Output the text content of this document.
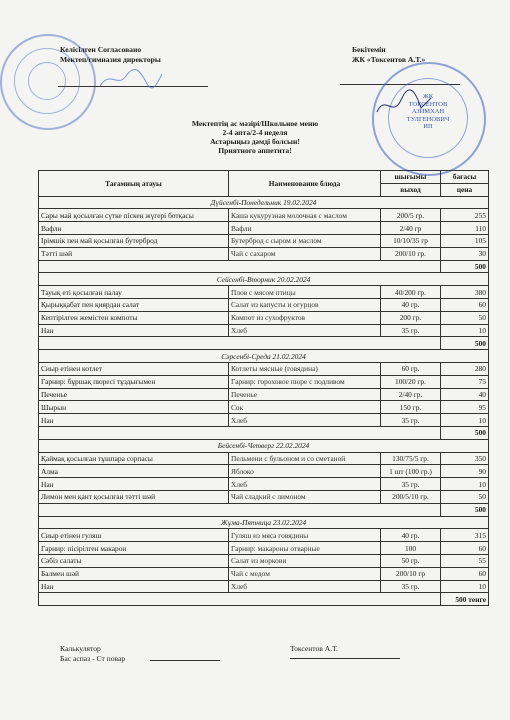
Келісілген Согласовано
Мектеп/гимназия директоры
Бекітемін
ЖК «Токсентов А.Т.»
ЖК
ТОКСЕНТОВ
АЗИМХАН
ТУЛГЕНОВИЧ
ИП
Мектептің ас мәзірі/Школьное меню
2-4 апта/2-4 неделя
Астарыңыз дәмді болсын!
Приятного аппетита!
Тағамның атауы	Наименование блюда	шығымы	бағасы
		выход	цена
Дүйсенбі-Понедельник 19.02.2024			
Сары май қосылған сүтке піскен жүгері ботқасы	Каша кукурузная молочная с маслом	200/5 гр.	255
Вафли	Вафли	2/40 гр	110
Ірімшік пен май қосылған бутерброд	Бутерброд с сыром и маслом	10/10/35 гр	105
Тәтті шәй	Чай с сахаром	200/10 гр.	30
			500
Сейсенбі-Вторник 20.02.2024			
Тауық еті қосылған палау	Плов с мясом птицы	40/200 гр.	380
Қырыққабат пен қиярдан салат	Салат из капусты и огурцов	40 гр.	60
Кептірілген жемістен компоты	Компот из сухофруктов	200 гр.	50
Нан	Хлеб	35 гр.	10
			500
Сәрсенбі-Среда 21.02.2024			
Сиыр етінен котлет	Котлеты мясные (говядина)	60 гр.	280
Гарнир: бұршақ пюресі тұздығымен	Гарнир: гороховое пюре с подливом	100/20 гр.	75
Печенье	Печенье	2/40 гр.	40
Шырын	Сок	150 гр.	95
Нан	Хлеб	35 гр.	10
			500
Бейсенбі-Четверг 22.02.2024			
Қаймақ қосылған тұшпара сорпасы	Пельмени с бульоном и со сметаной	130/75/5 гр.	350
Алма	Яблоко	1 шт (100 гр.)	90
Нан	Хлеб	35 гр.	10
Лимон мен қант қосылған тәтті шәй	Чай сладкий с лимоном	200/5/10 гр.	50
			500
Жұма-Пятница 23.02.2024			
Сиыр етінен гуляш	Гуляш из мяса говядины	40 гр.	315
Гарнир: пісірілген макарон	Гарнир: макароны отварные	100	60
Сәбіз салаты	Салат из моркови	50 гр.	55
Балмен шәй	Чай с медом	200/10 гр	60
Нан	Хлеб	35 гр.	10
			500 тенге
Калькулятор
Бас аспаз - Ст повар
Токсентов А.Т.
